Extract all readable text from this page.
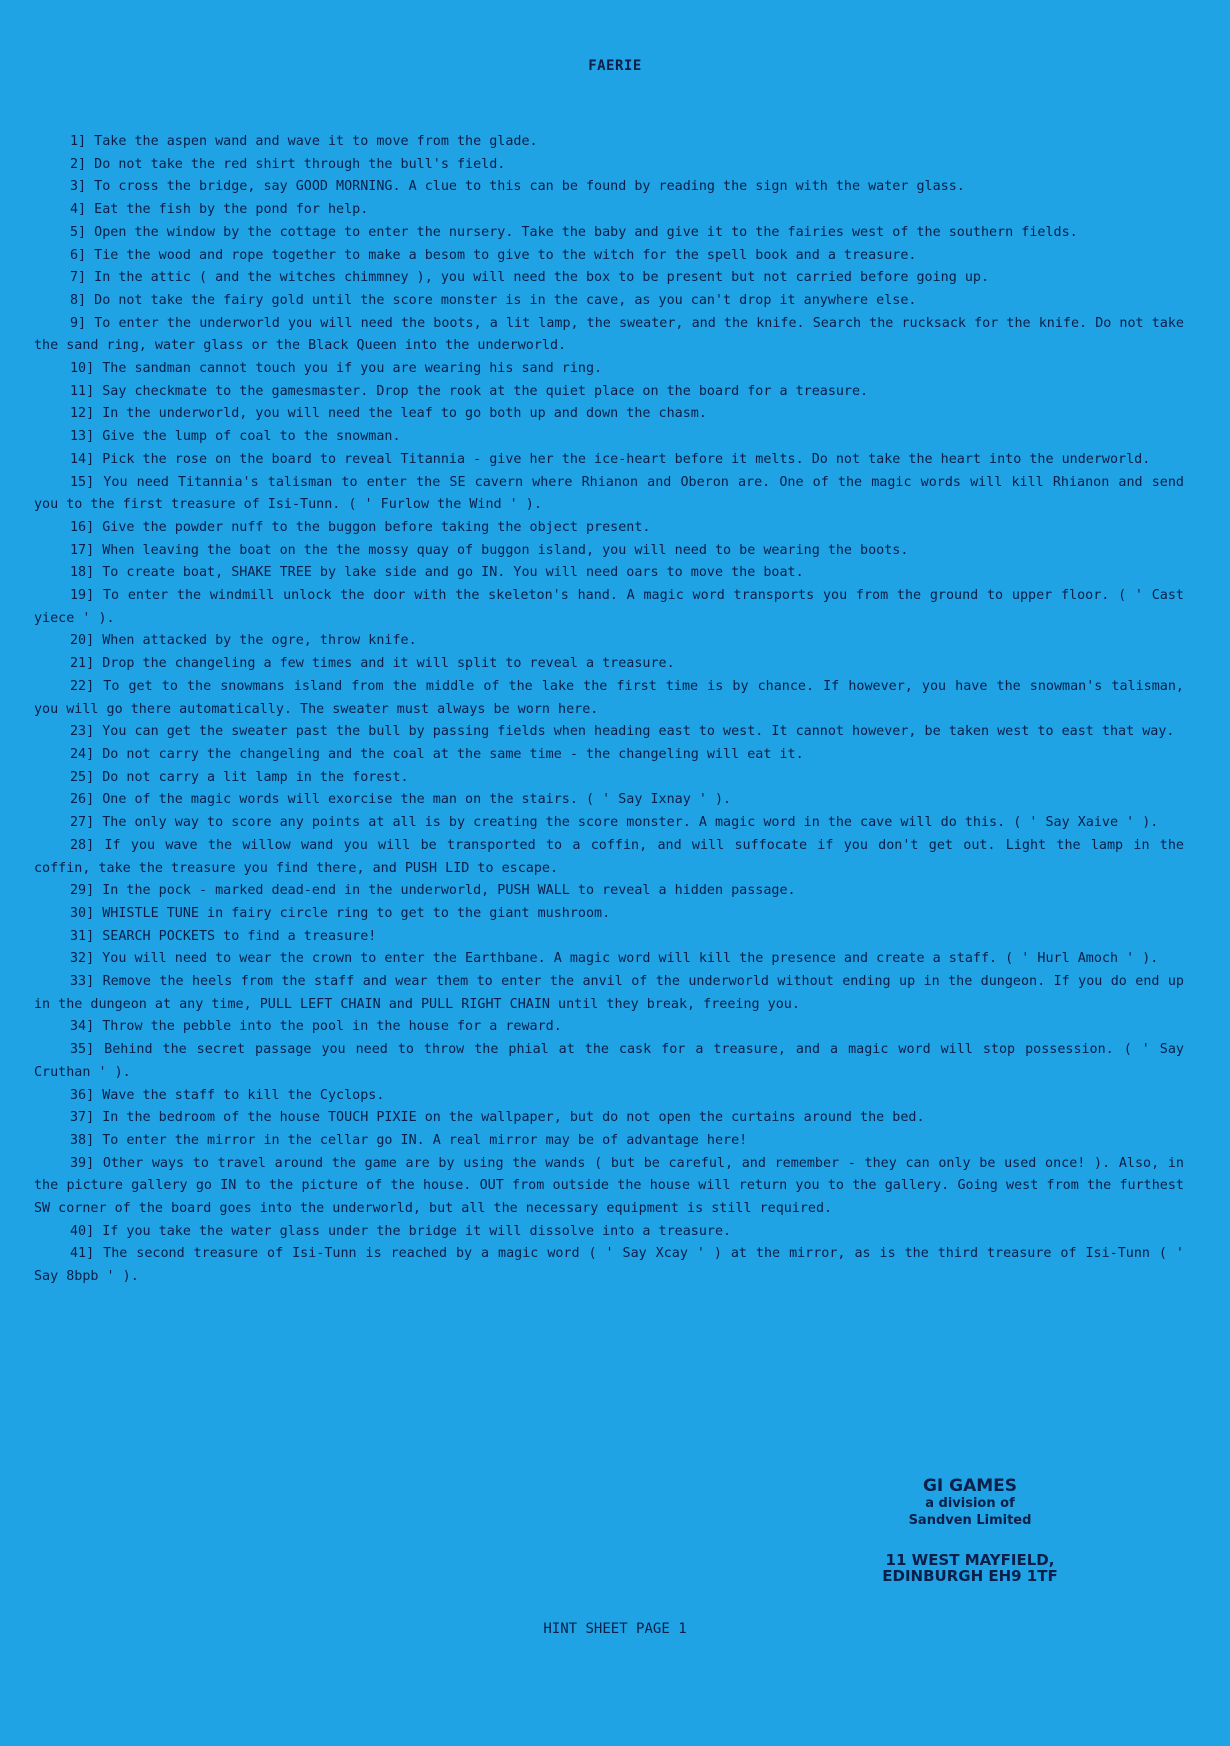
FAERIE
1] Take the aspen wand and wave it to move from the glade.
2] Do not take the red shirt through the bull's field.
3] To cross the bridge, say GOOD MORNING. A clue to this can be found by reading the sign with the water glass.
4] Eat the fish by the pond for help.
5] Open the window by the cottage to enter the nursery. Take the baby and give it to the fairies west of the southern fields.
6] Tie the wood and rope together to make a besom to give to the witch for the spell book and a treasure.
7] In the attic ( and the witches chimmney ), you will need the box to be present but not carried before going up.
8] Do not take the fairy gold until the score monster is in the cave, as you can't drop it anywhere else.
9] To enter the underworld you will need the boots, a lit lamp, the sweater, and the knife. Search the rucksack for the knife. Do not take the sand ring, water glass or the Black Queen into the underworld.
10] The sandman cannot touch you if you are wearing his sand ring.
11] Say checkmate to the gamesmaster. Drop the rook at the quiet place on the board for a treasure.
12] In the underworld, you will need the leaf to go both up and down the chasm.
13] Give the lump of coal to the snowman.
14] Pick the rose on the board to reveal Titannia - give her the ice-heart before it melts. Do not take the heart into the underworld.
15] You need Titannia's talisman to enter the SE cavern where Rhianon and Oberon are. One of the magic words will kill Rhianon and send you to the first treasure of Isi-Tunn. ( ' Furlow the Wind ' ).
16] Give the powder nuff to the buggon before taking the object present.
17] When leaving the boat on the the mossy quay of buggon island, you will need to be wearing the boots.
18] To create boat, SHAKE TREE by lake side and go IN. You will need oars to move the boat.
19] To enter the windmill unlock the door with the skeleton's hand. A magic word transports you from the ground to upper floor. ( ' Cast yiece ' ).
20] When attacked by the ogre, throw knife.
21] Drop the changeling a few times and it will split to reveal a treasure.
22] To get to the snowmans island from the middle of the lake the first time is by chance. If however, you have the snowman's talisman, you will go there automatically. The sweater must always be worn here.
23] You can get the sweater past the bull by passing fields when heading east to west. It cannot however, be taken west to east that way.
24] Do not carry the changeling and the coal at the same time - the changeling will eat it.
25] Do not carry a lit lamp in the forest.
26] One of the magic words will exorcise the man on the stairs. ( ' Say Ixnay ' ).
27] The only way to score any points at all is by creating the score monster. A magic word in the cave will do this. ( ' Say Xaive ' ).
28] If you wave the willow wand you will be transported to a coffin, and will suffocate if you don't get out. Light the lamp in the coffin, take the treasure you find there, and PUSH LID to escape.
29] In the pock - marked dead-end in the underworld, PUSH WALL to reveal a hidden passage.
30] WHISTLE TUNE in fairy circle ring to get to the giant mushroom.
31] SEARCH POCKETS to find a treasure!
32] You will need to wear the crown to enter the Earthbane. A magic word will kill the presence and create a staff. ( ' Hurl Amoch ' ).
33] Remove the heels from the staff and wear them to enter the anvil of the underworld without ending up in the dungeon. If you do end up in the dungeon at any time, PULL LEFT CHAIN and PULL RIGHT CHAIN until they break, freeing you.
34] Throw the pebble into the pool in the house for a reward.
35] Behind the secret passage you need to throw the phial at the cask for a treasure, and a magic word will stop possession. ( ' Say Cruthan ' ).
36] Wave the staff to kill the Cyclops.
37] In the bedroom of the house TOUCH PIXIE on the wallpaper, but do not open the curtains around the bed.
38] To enter the mirror in the cellar go IN. A real mirror may be of advantage here!
39] Other ways to travel around the game are by using the wands ( but be careful, and remember - they can only be used once! ). Also, in the picture gallery go IN to the picture of the house. OUT from outside the house will return you to the gallery. Going west from the furthest SW corner of the board goes into the underworld, but all the necessary equipment is still required.
40] If you take the water glass under the bridge it will dissolve into a treasure.
41] The second treasure of Isi-Tunn is reached by a magic word ( ' Say Xcay ' ) at the mirror, as is the third treasure of Isi-Tunn ( ' Say 8bpb ' ).
GI GAMES
a division of
Sandven Limited
11 WEST MAYFIELD,
EDINBURGH EH9 1TF
HINT SHEET PAGE 1
